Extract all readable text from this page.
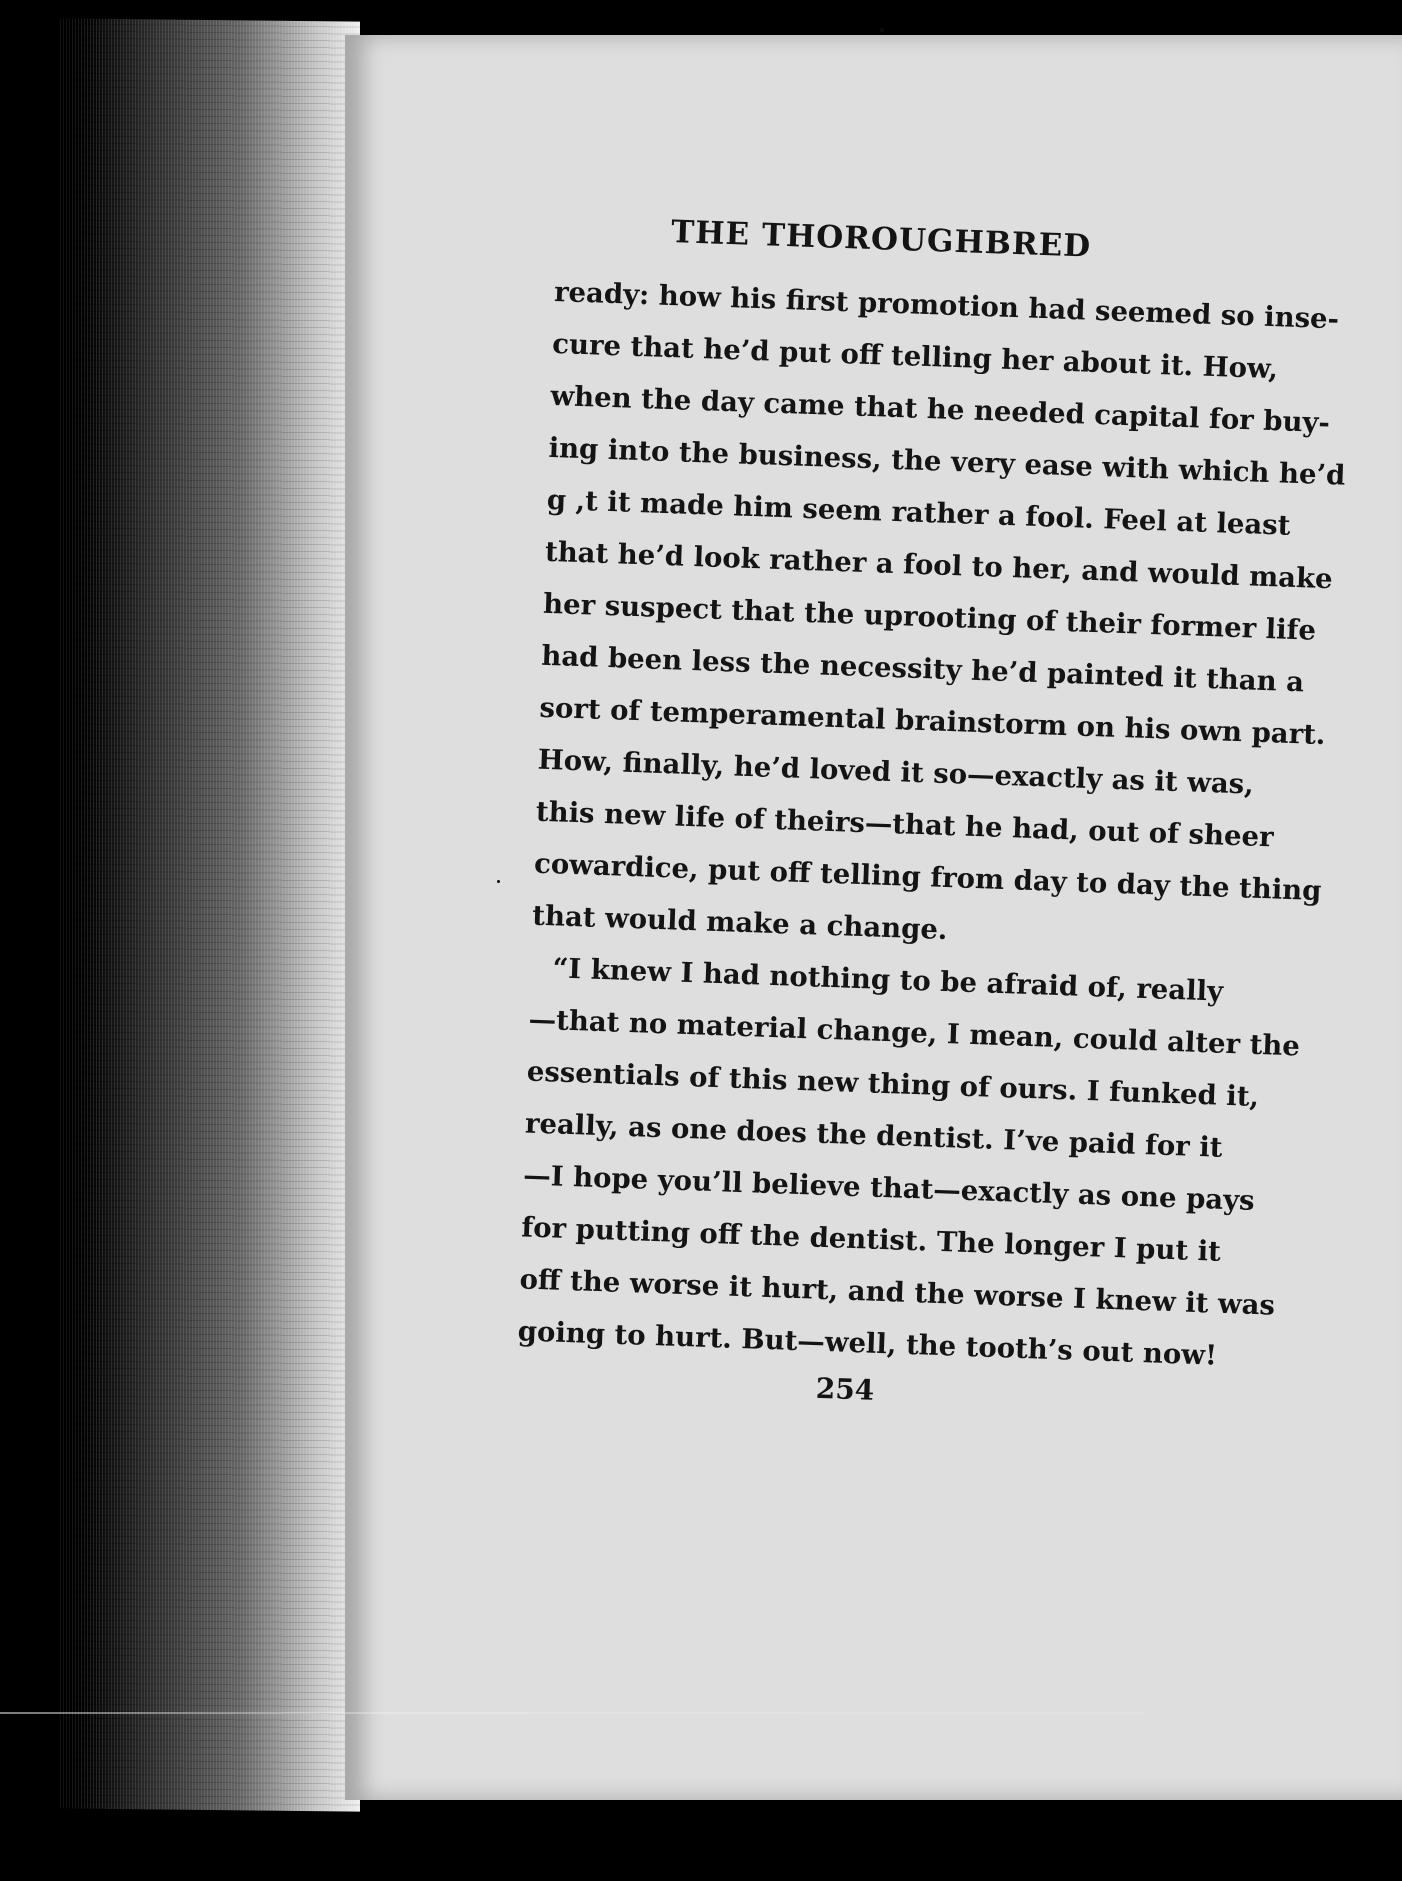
THE THOROUGHBRED
ready: how his first promotion had seemed so inse-
cure that he’d put off telling her about it. How,
when the day came that he needed capital for buy-
ing into the business, the very ease with which he’d
g ,t it made him seem rather a fool. Feel at least
that he’d look rather a fool to her, and would make
her suspect that the uprooting of their former life
had been less the necessity he’d painted it than a
sort of temperamental brainstorm on his own part.
How, finally, he’d loved it so—exactly as it was,
this new life of theirs—that he had, out of sheer
cowardice, put off telling from day to day the thing
that would make a change.
“I knew I had nothing to be afraid of, really
—that no material change, I mean, could alter the
essentials of this new thing of ours. I funked it,
really, as one does the dentist. I’ve paid for it
—I hope you’ll believe that—exactly as one pays
for putting off the dentist. The longer I put it
off the worse it hurt, and the worse I knew it was
going to hurt. But—well, the tooth’s out now!
254
